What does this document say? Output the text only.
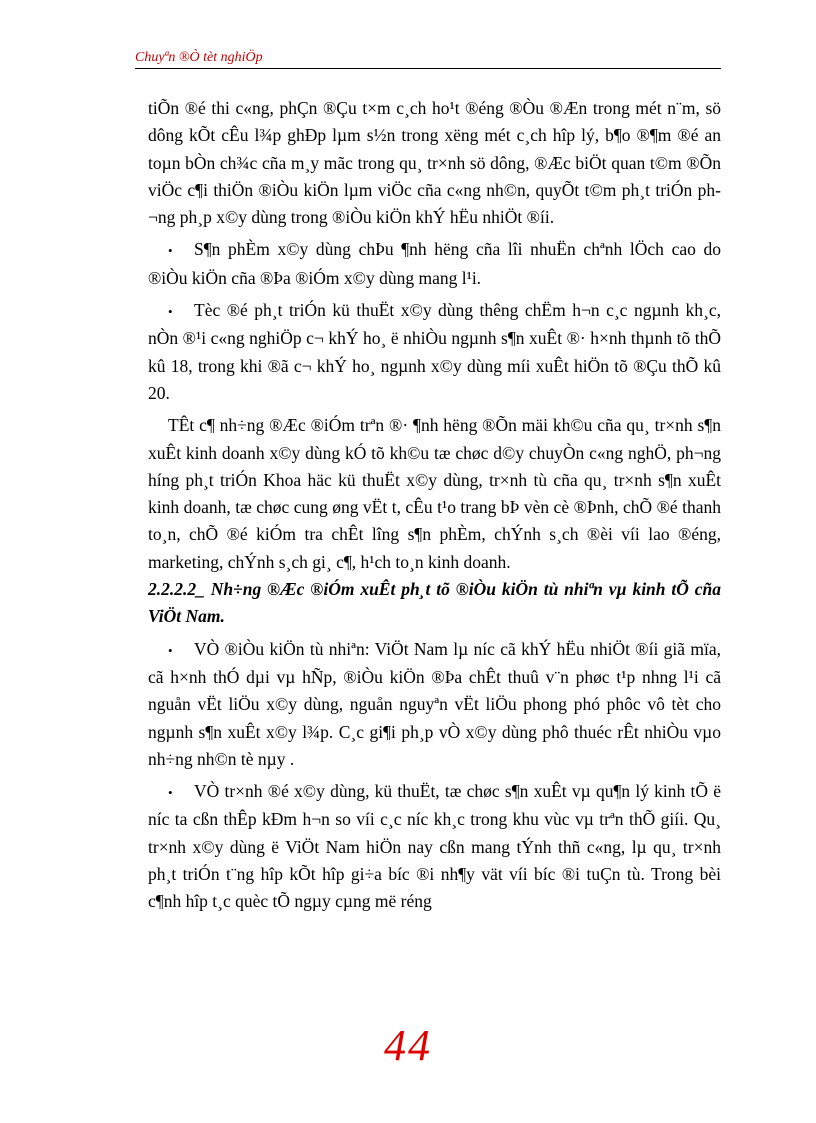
Chuyªn ®Ò tèt nghiÖp

tiÕn ®é thi c«ng, phÇn ®Çu t×m c¸ch ho¹t ®éng ®Òu ®Æn trong mét n¨m, sö dông kÕt cÊu l¾p ghÐp lµm s½n trong xëng mét c¸ch hîp lý, b¶o ®¶m ®é an toµn bÒn ch¾c cña m¸y mãc trong qu¸ tr×nh sö dông, ®Æc biÖt quan t©m ®Õn viÖc c¶i thiÖn ®iÒu kiÖn lµm viÖc cña c«ng nh©n, quyÕt t©m ph¸t triÓn ph¬ng ph¸p x©y dùng trong ®iÒu kiÖn khÝ hËu nhiÖt ®íi.

• S¶n phÈm x©y dùng chÞu ¶nh hëng cña lîi nhuËn chªnh lÖch cao do ®iÒu kiÖn cña ®Þa ®iÓm x©y dùng mang l¹i.

• Tèc ®é ph¸t triÓn kü thuËt x©y dùng thêng chËm h¬n c¸c ngµnh kh¸c, nÒn ®¹i c«ng nghiÖp c¬ khÝ ho¸ ë nhiÒu ngµnh s¶n xuÊt ®· h×nh thµnh tõ thÕ kû 18, trong khi ®ã c¬ khÝ ho¸ ngµnh x©y dùng míi xuÊt hiÖn tõ ®Çu thÕ kû 20.

TÊt c¶ nh÷ng ®Æc ®iÓm trªn ®· ¶nh hëng ®Õn mäi kh©u cña qu¸ tr×nh s¶n xuÊt kinh doanh x©y dùng kÓ tõ kh©u tæ chøc d©y chuyÒn c«ng nghÖ, ph¬ng híng ph¸t triÓn Khoa häc kü thuËt x©y dùng, tr×nh tù cña qu¸ tr×nh s¶n xuÊt kinh doanh, tæ chøc cung øng vËt t, cÊu t¹o trang bÞ vèn cè ®Þnh, chÕ ®é thanh to¸n, chÕ ®é kiÓm tra chÊt lîng s¶n phÈm, chÝnh s¸ch ®èi víi lao ®éng, marketing, chÝnh s¸ch gi¸ c¶, h¹ch to¸n kinh doanh.

2.2.2.2_ Nh÷ng ®Æc ®iÓm xuÊt ph¸t tõ ®iÒu kiÖn tù nhiªn vµ kinh tÕ cña ViÖt Nam.

• VÒ ®iÒu kiÖn tù nhiªn: ViÖt Nam lµ níc cã khÝ hËu nhiÖt ®íi giã mïa, cã h×nh thÓ dµi vµ hÑp, ®iÒu kiÖn ®Þa chÊt thuû v¨n phøc t¹p nhng l¹i cã nguån vËt liÖu x©y dùng, nguån nguyªn vËt liÖu phong phó phôc vô tèt cho ngµnh s¶n xuÊt x©y l¾p. C¸c gi¶i ph¸p vÒ x©y dùng phô thuéc rÊt nhiÒu vµo nh÷ng nh©n tè nµy .

• VÒ tr×nh ®é x©y dùng, kü thuËt, tæ chøc s¶n xuÊt vµ qu¶n lý kinh tÕ ë níc ta cßn thÊp kÐm h¬n so víi c¸c níc kh¸c trong khu vùc vµ trªn thÕ giíi. Qu¸ tr×nh x©y dùng ë ViÖt Nam hiÖn nay cßn mang tÝnh thñ c«ng, lµ qu¸ tr×nh ph¸t triÓn t¨ng hîp kÕt hîp gi÷a bíc ®i nh¶y vät víi bíc ®i tuÇn tù. Trong bèi c¶nh hîp t¸c quèc tÕ ngµy cµng më réng

44
